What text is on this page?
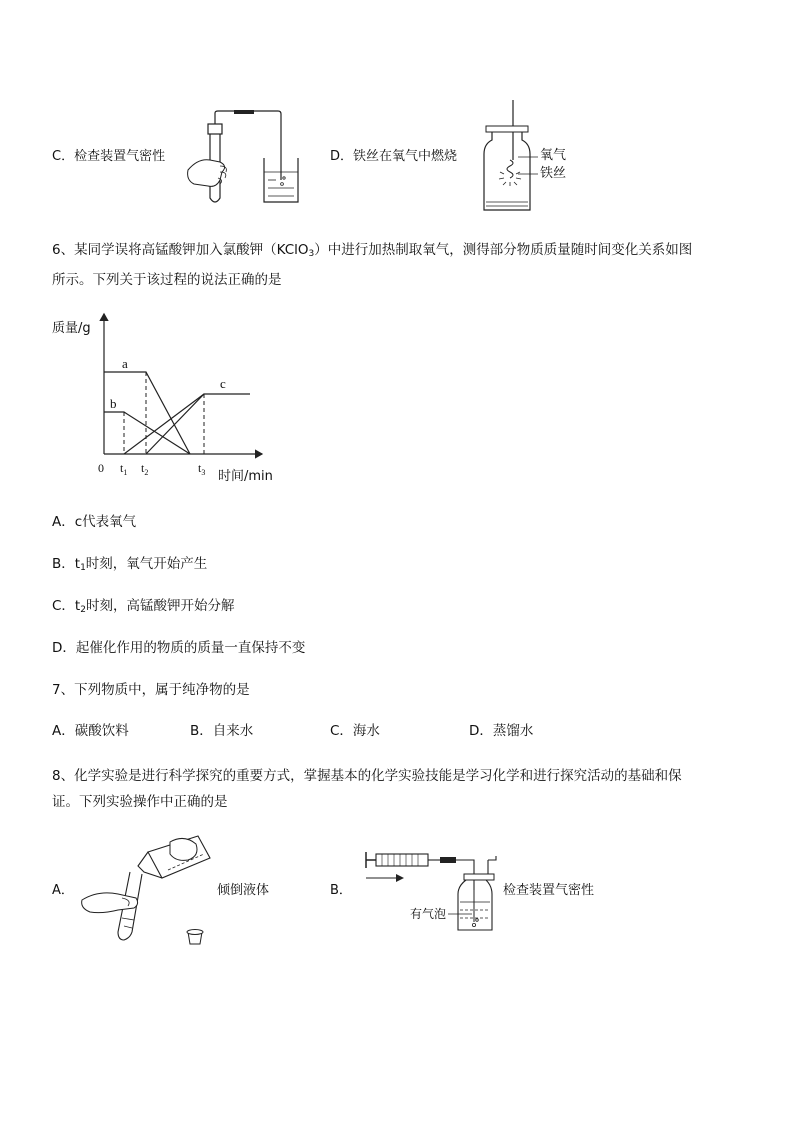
C．检查装置气密性	D．铁丝在氧气中燃烧	氧气
铁丝
6、某同学误将高锰酸钾加入氯酸钾（KClO$_3$）中进行加热制取氧气，测得部分物质质量随时间变化关系如图
所示。下列关于该过程的说法正确的是
质量/g
时间/min
0 $t_1$ $t_2$	$t_3$
a
b
c
A．c代表氧气
B．$t_1$时刻，氧气开始产生
C．$t_2$时刻，高锰酸钾开始分解
D．起催化作用的物质的质量一直保持不变
7、下列物质中，属于纯净物的是
A．碳酸饮料	B．自来水	C．海水	D．蒸馏水
8、化学实验是进行科学探究的重要方式，掌握基本的化学实验技能是学习化学和进行探究活动的基础和保
证。下列实验操作中正确的是
A．	倾倒液体	B．
有气泡
检查装置气密性
